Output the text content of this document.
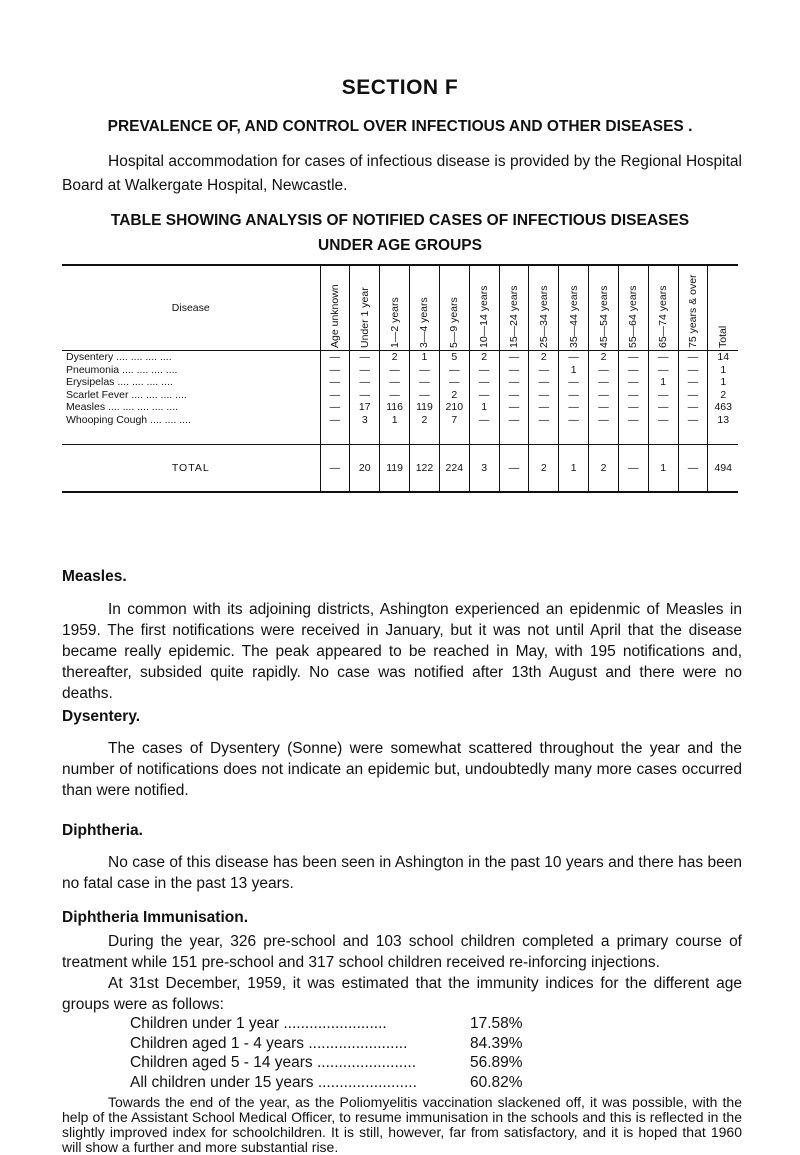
SECTION F
PREVALENCE OF, AND CONTROL OVER INFECTIOUS AND OTHER DISEASES .
Hospital accommodation for cases of infectious disease is provided by the Regional Hospital Board at Walkergate Hospital, Newcastle.
TABLE SHOWING ANALYSIS OF NOTIFIED CASES OF INFECTIOUS DISEASES
UNDER AGE GROUPS
Disease	Age unknown	Under 1 year	1—2 years	3—4 years	5—9 years	10—14 years	15—24 years	25—34 years	35—44 years	45—54 years	55—64 years	65—74 years	75 years & over	Total

Dysentery .... .... .... ....	—	—	2	1	5	2	—	2	—	2	—	—	—	14
Pneumonia .... .... .... ....	—	—	—	—	—	—	—	—	1	—	—	—	—	1
Erysipelas .... .... .... ....	—	—	—	—	—	—	—	—	—	—	—	1	—	1
Scarlet Fever .... .... .... ....	—	—	—	—	2	—	—	—	—	—	—	—	—	2
Measles .... .... .... .... ....	—	17	116	119	210	1	—	—	—	—	—	—	—	463
Whooping Cough .... .... ....	—	3	1	2	7	—	—	—	—	—	—	—	—	13

TOTAL	—	20	119	122	224	3	—	2	1	2	—	1	—	494
Measles.
In common with its adjoining districts, Ashington experienced an epidenmic of Measles in 1959. The first notifications were received in January, but it was not until April that the disease became really epidemic. The peak appeared to be reached in May, with 195 notifications and, thereafter, subsided quite rapidly. No case was notified after 13th August and there were no deaths.
Dysentery.
The cases of Dysentery (Sonne) were somewhat scattered throughout the year and the number of notifications does not indicate an epidemic but, undoubtedly many more cases occurred than were notified.
Diphtheria.
No case of this disease has been seen in Ashington in the past 10 years and there has been no fatal case in the past 13 years.
Diphtheria Immunisation.
During the year, 326 pre-school and 103 school children completed a primary course of treatment while 151 pre-school and 317 school children received re-inforcing injections.
At 31st December, 1959, it was estimated that the immunity indices for the different age groups were as follows:
Children under 1 year ........................	17.58%
Children aged 1 - 4 years .......................	84.39%
Children aged 5 - 14 years .......................	56.89%
All children under 15 years .......................	60.82%
Towards the end of the year, as the Poliomyelitis vaccination slackened off, it was possible, with the help of the Assistant School Medical Officer, to resume immunisation in the schools and this is reflected in the slightly improved index for schoolchildren. It is still, however, far from satisfactory, and it is hoped that 1960 will show a further and more substantial rise.
